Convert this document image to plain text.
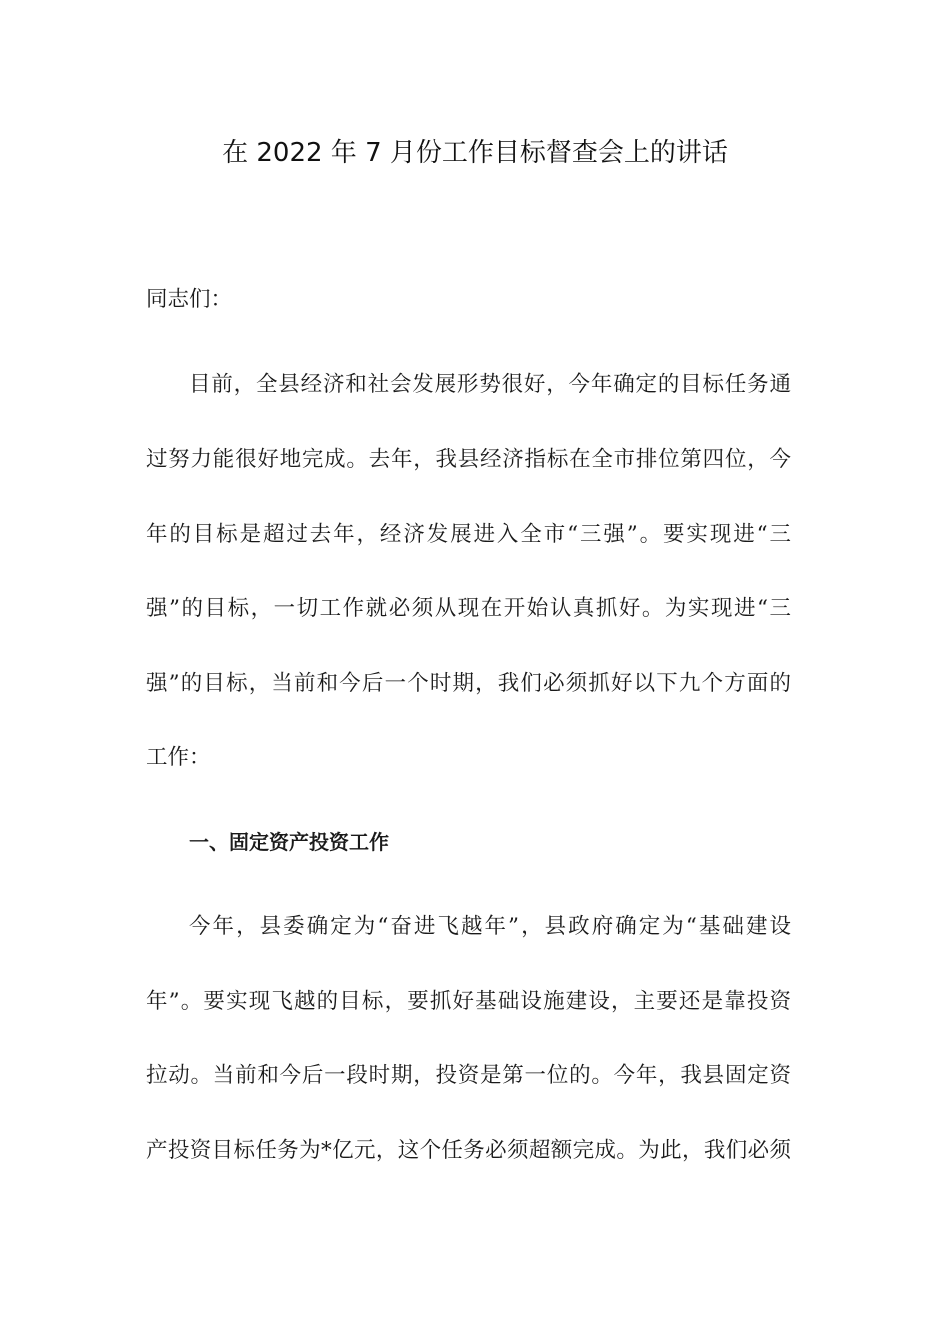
在 2022 年 7 月份工作目标督查会上的讲话
同志们：
目前，全县经济和社会发展形势很好，今年确定的目标任务通
过努力能很好地完成。去年，我县经济指标在全市排位第四位，今
年的目标是超过去年，经济发展进入全市“三强”。要实现进“三
强”的目标，一切工作就必须从现在开始认真抓好。为实现进“三
强”的目标，当前和今后一个时期，我们必须抓好以下九个方面的
工作：
一、固定资产投资工作
今年，县委确定为“奋进飞越年”，县政府确定为“基础建设
年”。要实现飞越的目标，要抓好基础设施建设，主要还是靠投资
拉动。当前和今后一段时期，投资是第一位的。今年，我县固定资
产投资目标任务为*亿元，这个任务必须超额完成。为此，我们必须
